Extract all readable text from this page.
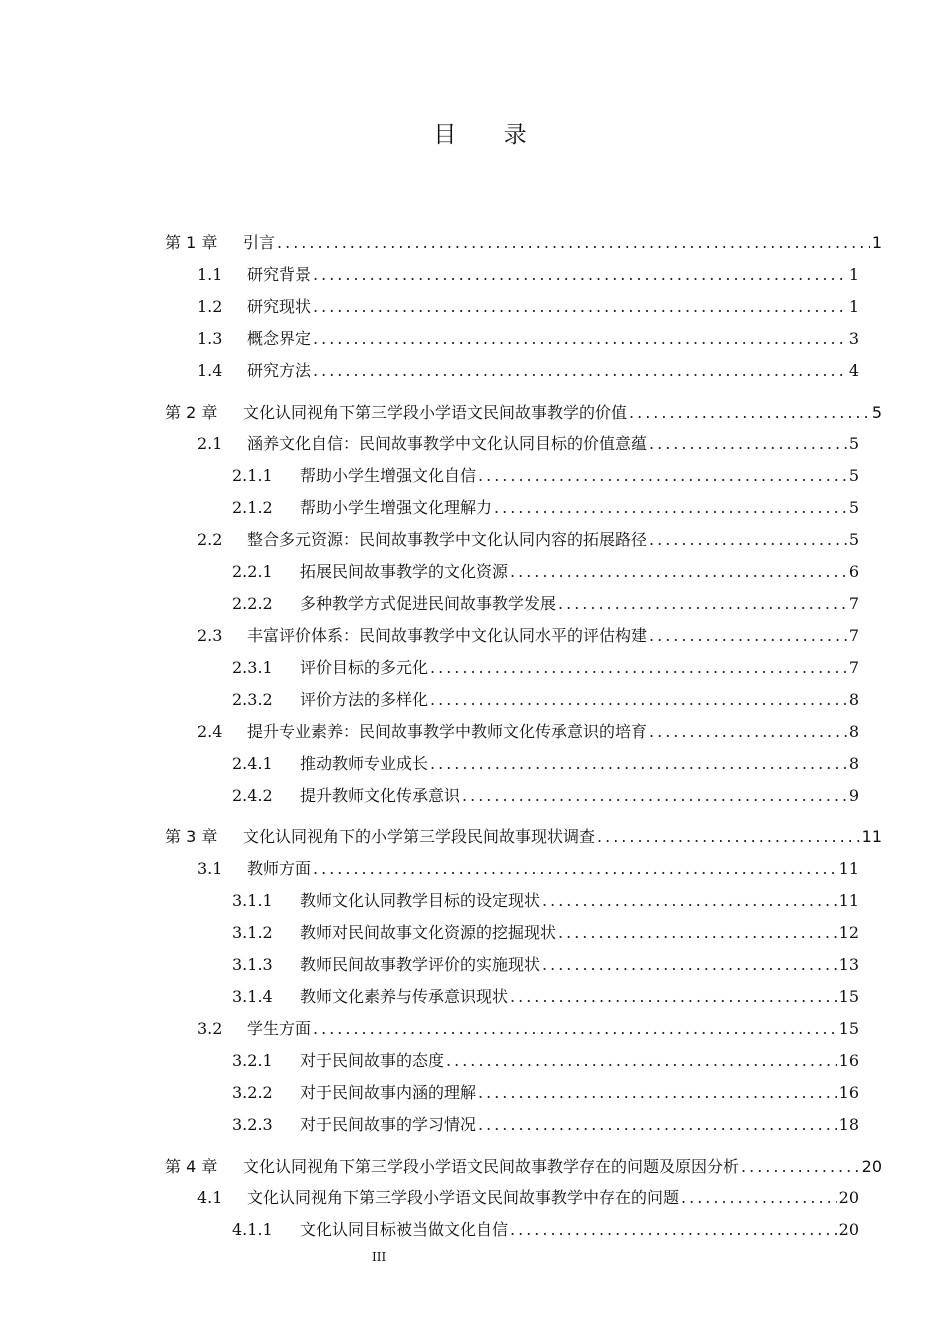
目 录
第 1 章	引言 .....	1
1.1	研究背景 .....	1
1.2	研究现状 .....	1
1.3	概念界定 .....	3
1.4	研究方法 .....	4
第 2 章	文化认同视角下第三学段小学语文民间故事教学的价值 .....	5
2.1	涵养文化自信：民间故事教学中文化认同目标的价值意蕴 .....	5
2.1.1	帮助小学生增强文化自信 .....	5
2.1.2	帮助小学生增强文化理解力 .....	5
2.2	整合多元资源：民间故事教学中文化认同内容的拓展路径 .....	5
2.2.1	拓展民间故事教学的文化资源 .....	6
2.2.2	多种教学方式促进民间故事教学发展 .....	7
2.3	丰富评价体系：民间故事教学中文化认同水平的评估构建 .....	7
2.3.1	评价目标的多元化 .....	7
2.3.2	评价方法的多样化 .....	8
2.4	提升专业素养：民间故事教学中教师文化传承意识的培育 .....	8
2.4.1	推动教师专业成长 .....	8
2.4.2	提升教师文化传承意识 .....	9
第 3 章	文化认同视角下的小学第三学段民间故事现状调查 .....	11
3.1	教师方面 .....	11
3.1.1	教师文化认同教学目标的设定现状 .....	11
3.1.2	教师对民间故事文化资源的挖掘现状 .....	12
3.1.3	教师民间故事教学评价的实施现状 .....	13
3.1.4	教师文化素养与传承意识现状 .....	15
3.2	学生方面 .....	15
3.2.1	对于民间故事的态度 .....	16
3.2.2	对于民间故事内涵的理解 .....	16
3.2.3	对于民间故事的学习情况 .....	18
第 4 章	文化认同视角下第三学段小学语文民间故事教学存在的问题及原因分析 .....	20
4.1	文化认同视角下第三学段小学语文民间故事教学中存在的问题 .....	20
4.1.1	文化认同目标被当做文化自信 .....	20
III
